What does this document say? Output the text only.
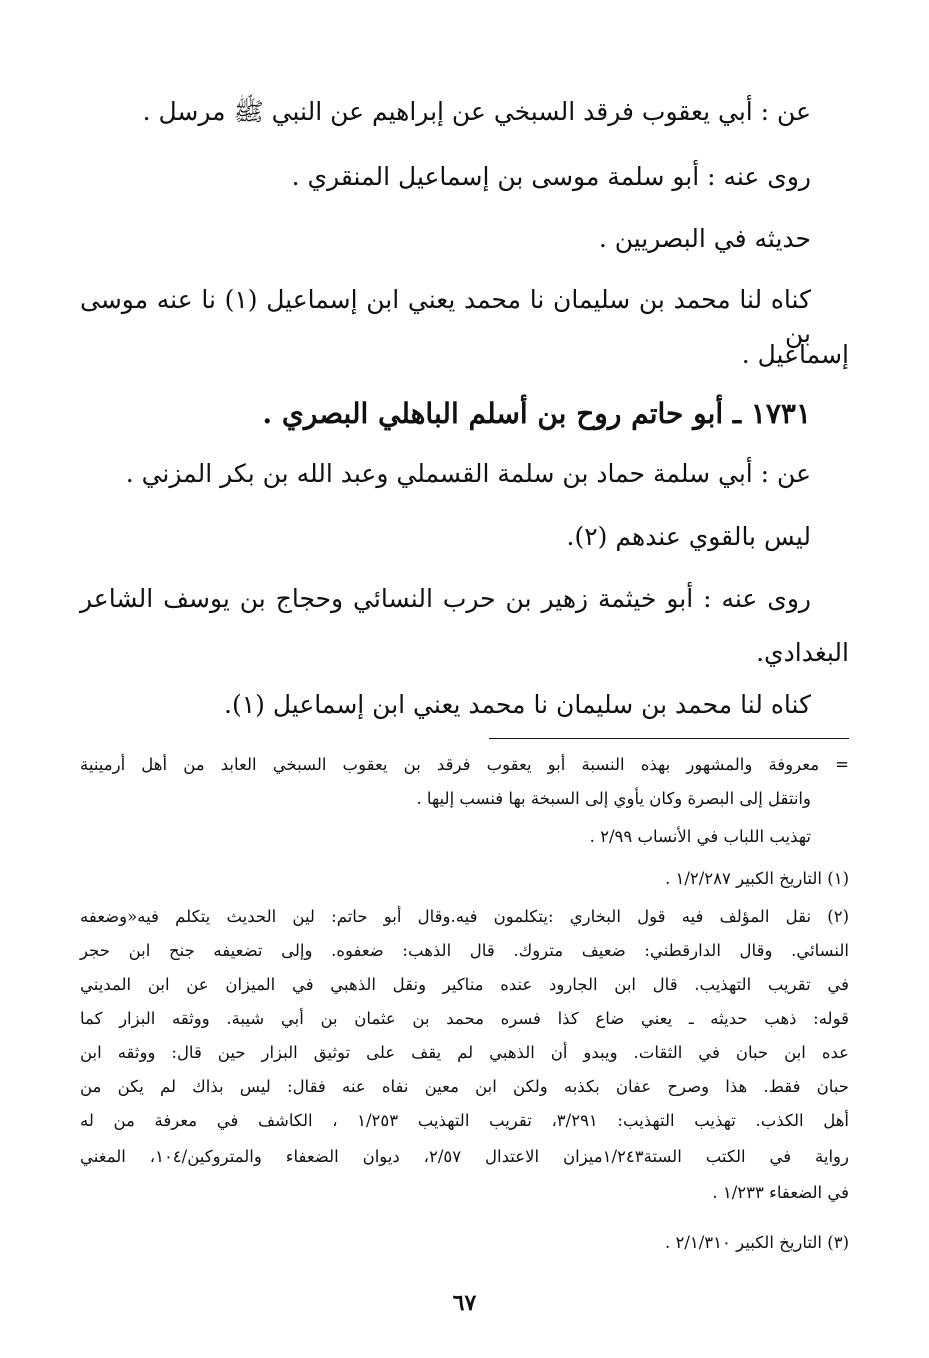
عن : أبي يعقوب فرقد السبخي عن إبراهيم عن النبي ﷺ مرسل .
روى عنه : أبو سلمة موسى بن إسماعيل المنقري .
حديثه في البصريين .
كناه لنا محمد بن سليمان نا محمد يعني ابن إسماعيل (١) نا عنه موسى بن
إسماعيل .
١٧٣١ ـ أبو حاتم روح بن أسلم الباهلي البصري .
عن : أبي سلمة حماد بن سلمة القسملي وعبد الله بن بكر المزني .
ليس بالقوي عندهم (٢).
روى عنه : أبو خيثمة زهير بن حرب النسائي وحجاج بن يوسف الشاعر
البغدادي.
كناه لنا محمد بن سليمان نا محمد يعني ابن إسماعيل (١).
= معروفة والمشهور بهذه النسبة أبو يعقوب فرقد بن يعقوب السبخي العابد من أهل أرمينية
وانتقل إلى البصرة وكان يأوي إلى السبخة بها فنسب إليها .
تهذيب اللباب في الأنساب ٢/٩٩ .
(١) التاريخ الكبير ١/٢/٢٨٧ .
(٢) نقل المؤلف فيه قول البخاري :يتكلمون فيه.وقال أبو حاتم: لين الحديث يتكلم فيه«وضعفه
النسائي. وقال الدارقطني: ضعيف متروك. قال الذهب: ضعفوه. وإلى تضعيفه جنح ابن حجر
في تقريب التهذيب. قال ابن الجارود عنده مناكير ونقل الذهبي في الميزان عن ابن المديني
قوله: ذهب حديثه ـ يعني ضاع كذا فسره محمد بن عثمان بن أبي شيبة. ووثقه البزار كما
عده ابن حبان في الثقات. ويبدو أن الذهبي لم يقف على توثيق البزار حين قال: ووثقه ابن
حبان فقط. هذا وصرح عفان بكذبه ولكن ابن معين نفاه عنه فقال: ليس بذاك لم يكن من
أهل الكذب. تهذيب التهذيب: ٣/٢٩١، تقريب التهذيب ١/٢٥٣ ، الكاشف في معرفة من له
رواية في الكتب الستة١/٢٤٣ميزان الاعتدال ٢/٥٧، ديوان الضعفاء والمتروكين/١٠٤، المغني
في الضعفاء ١/٢٣٣ .
(٣) التاريخ الكبير ٢/١/٣١٠ .
٦٧
